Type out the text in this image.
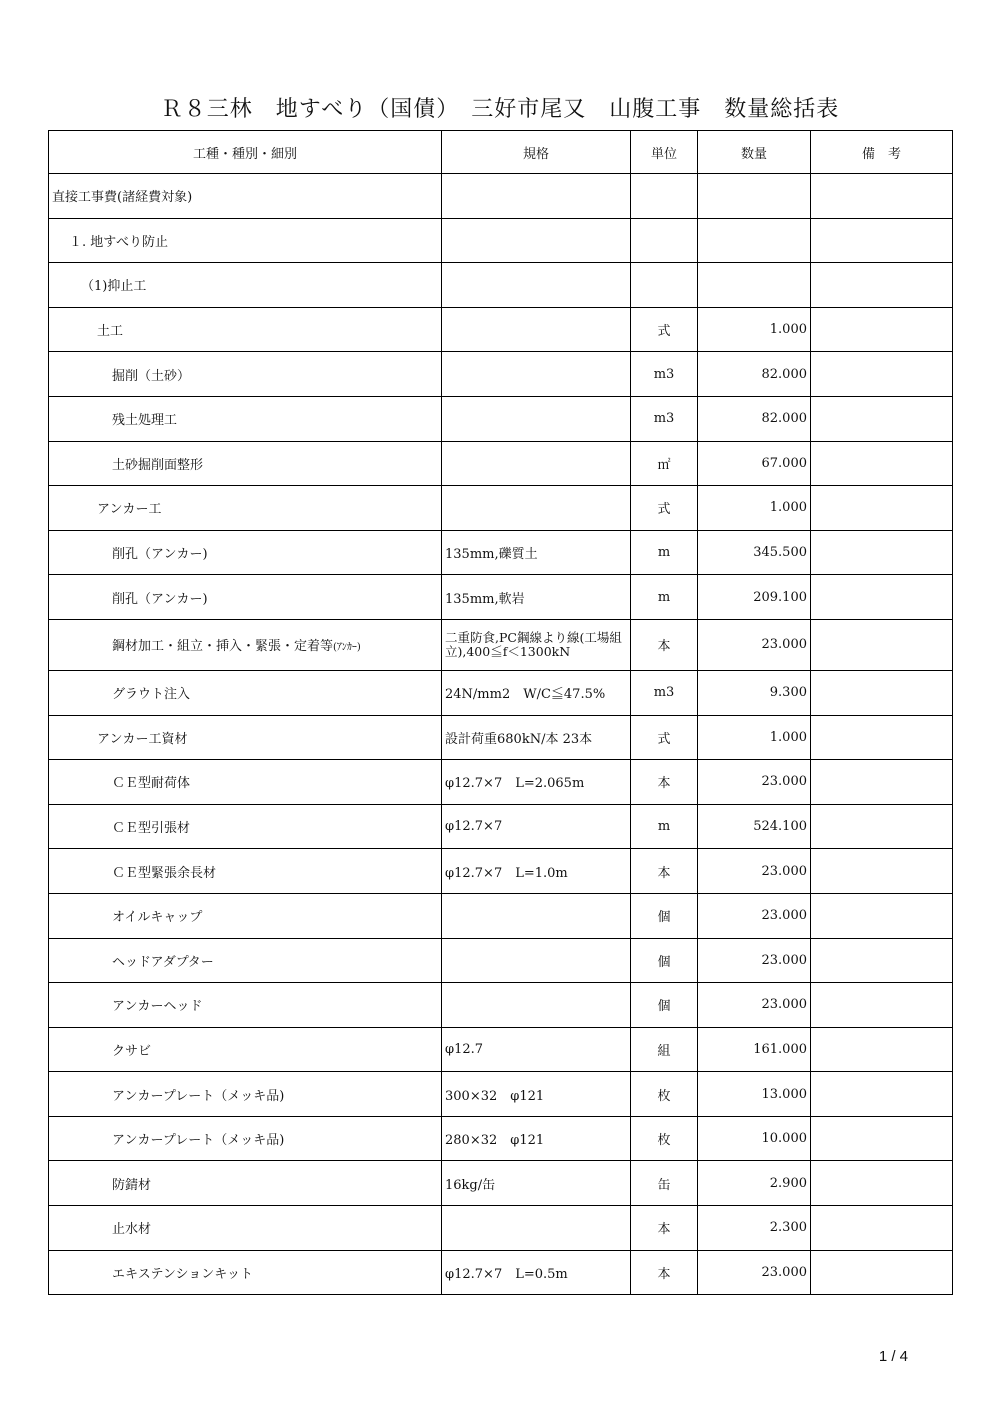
Ｒ８三林　地すべり（国債）　三好市尾又　山腹工事　数量総括表
工種・種別・細別	規格	単位	数量	備　考
直接工事費(諸経費対象)				
１. 地すべり防止				
（1)抑止工				
土工		式	1.000	
掘削（土砂）		m3	82.000	
残土処理工		m3	82.000	
土砂掘削面整形		㎡	67.000	
アンカー工		式	1.000	
削孔（アンカー)	135mm,礫質土	m	345.500	
削孔（アンカー)	135mm,軟岩	m	209.100	
鋼材加工・組立・挿入・緊張・定着等(ｱﾝｶｰ)	二重防食,PC鋼線より線(工場組立),400≦f＜1300kN	本	23.000	
グラウト注入	24N/mm2　W/C≦47.5%	m3	9.300	
アンカー工資材	設計荷重680kN/本 23本	式	1.000	
ＣＥ型耐荷体	φ12.7×7　L=2.065m	本	23.000	
ＣＥ型引張材	φ12.7×7	m	524.100	
ＣＥ型緊張余長材	φ12.7×7　L=1.0m	本	23.000	
オイルキャップ		個	23.000	
ヘッドアダプター		個	23.000	
アンカーヘッド		個	23.000	
クサビ	φ12.7	組	161.000	
アンカープレート（メッキ品)	300×32　φ121	枚	13.000	
アンカープレート（メッキ品)	280×32　φ121	枚	10.000	
防錆材	16kg/缶	缶	2.900	
止水材		本	2.300	
エキステンションキット	φ12.7×7　L=0.5m	本	23.000	
1 / 4
